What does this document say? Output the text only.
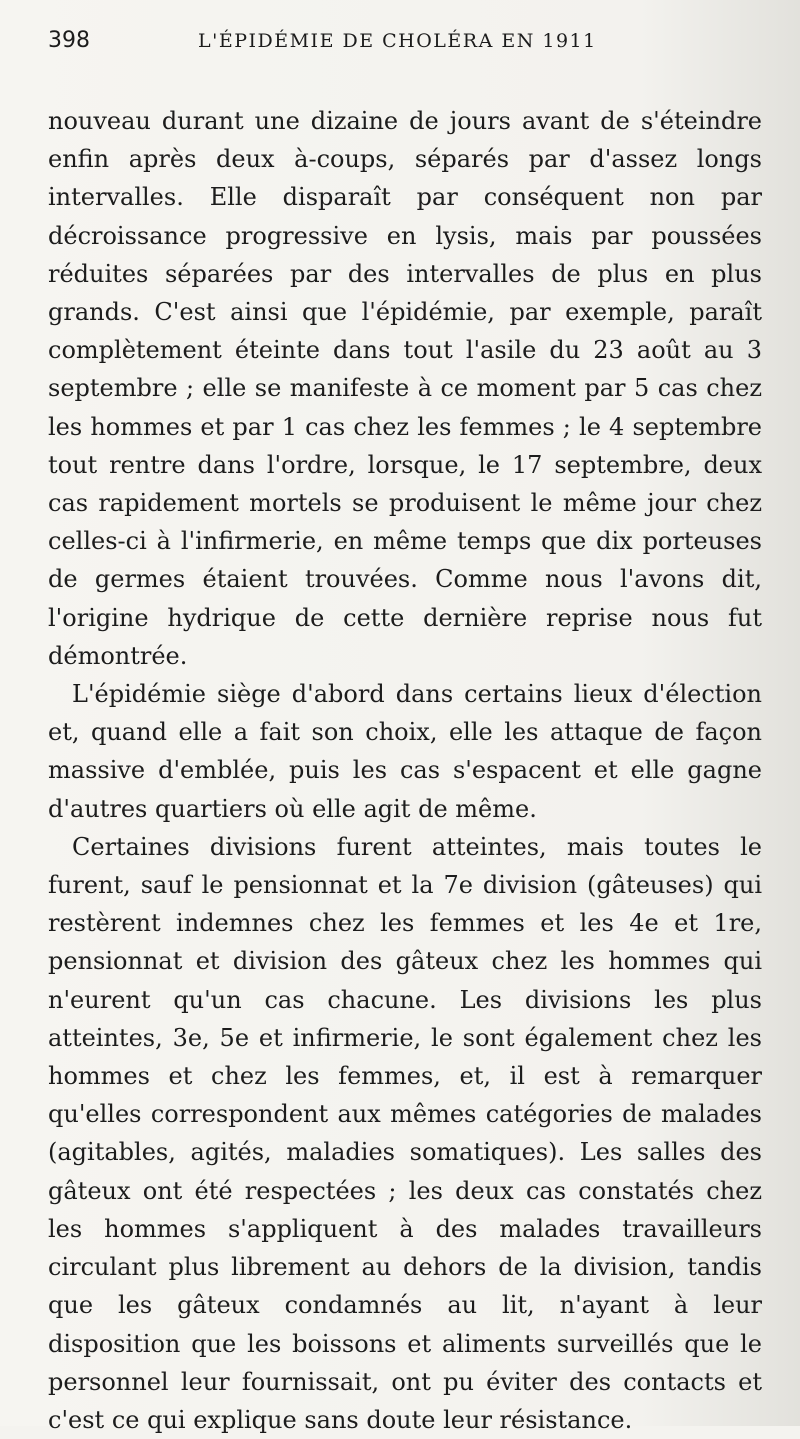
398	L'ÉPIDÉMIE DE CHOLÉRA EN 1911

nouveau durant une dizaine de jours avant de s'éteindre enfin après deux à-coups, séparés par d'assez longs intervalles. Elle disparaît par conséquent non par décroissance progressive en lysis, mais par poussées réduites séparées par des intervalles de plus en plus grands. C'est ainsi que l'épidémie, par exemple, paraît complètement éteinte dans tout l'asile du 23 août au 3 septembre ; elle se manifeste à ce moment par 5 cas chez les hommes et par 1 cas chez les femmes ; le 4 septembre tout rentre dans l'ordre, lorsque, le 17 septembre, deux cas rapidement mortels se produisent le même jour chez celles-ci à l'infirmerie, en même temps que dix porteuses de germes étaient trouvées. Comme nous l'avons dit, l'origine hydrique de cette dernière reprise nous fut démontrée.

L'épidémie siège d'abord dans certains lieux d'élection et, quand elle a fait son choix, elle les attaque de façon massive d'emblée, puis les cas s'espacent et elle gagne d'autres quartiers où elle agit de même.

Certaines divisions furent atteintes, mais toutes le furent, sauf le pensionnat et la 7e division (gâteuses) qui restèrent indemnes chez les femmes et les 4e et 1re, pensionnat et division des gâteux chez les hommes qui n'eurent qu'un cas chacune. Les divisions les plus atteintes, 3e, 5e et infirmerie, le sont également chez les hommes et chez les femmes, et, il est à remarquer qu'elles correspondent aux mêmes catégories de malades (agitables, agités, maladies somatiques). Les salles des gâteux ont été respectées ; les deux cas constatés chez les hommes s'appliquent à des malades travailleurs circulant plus librement au dehors de la division, tandis que les gâteux condamnés au lit, n'ayant à leur disposition que les boissons et aliments surveillés que le personnel leur fournissait, ont pu éviter des contacts et c'est ce qui explique sans doute leur résistance.
